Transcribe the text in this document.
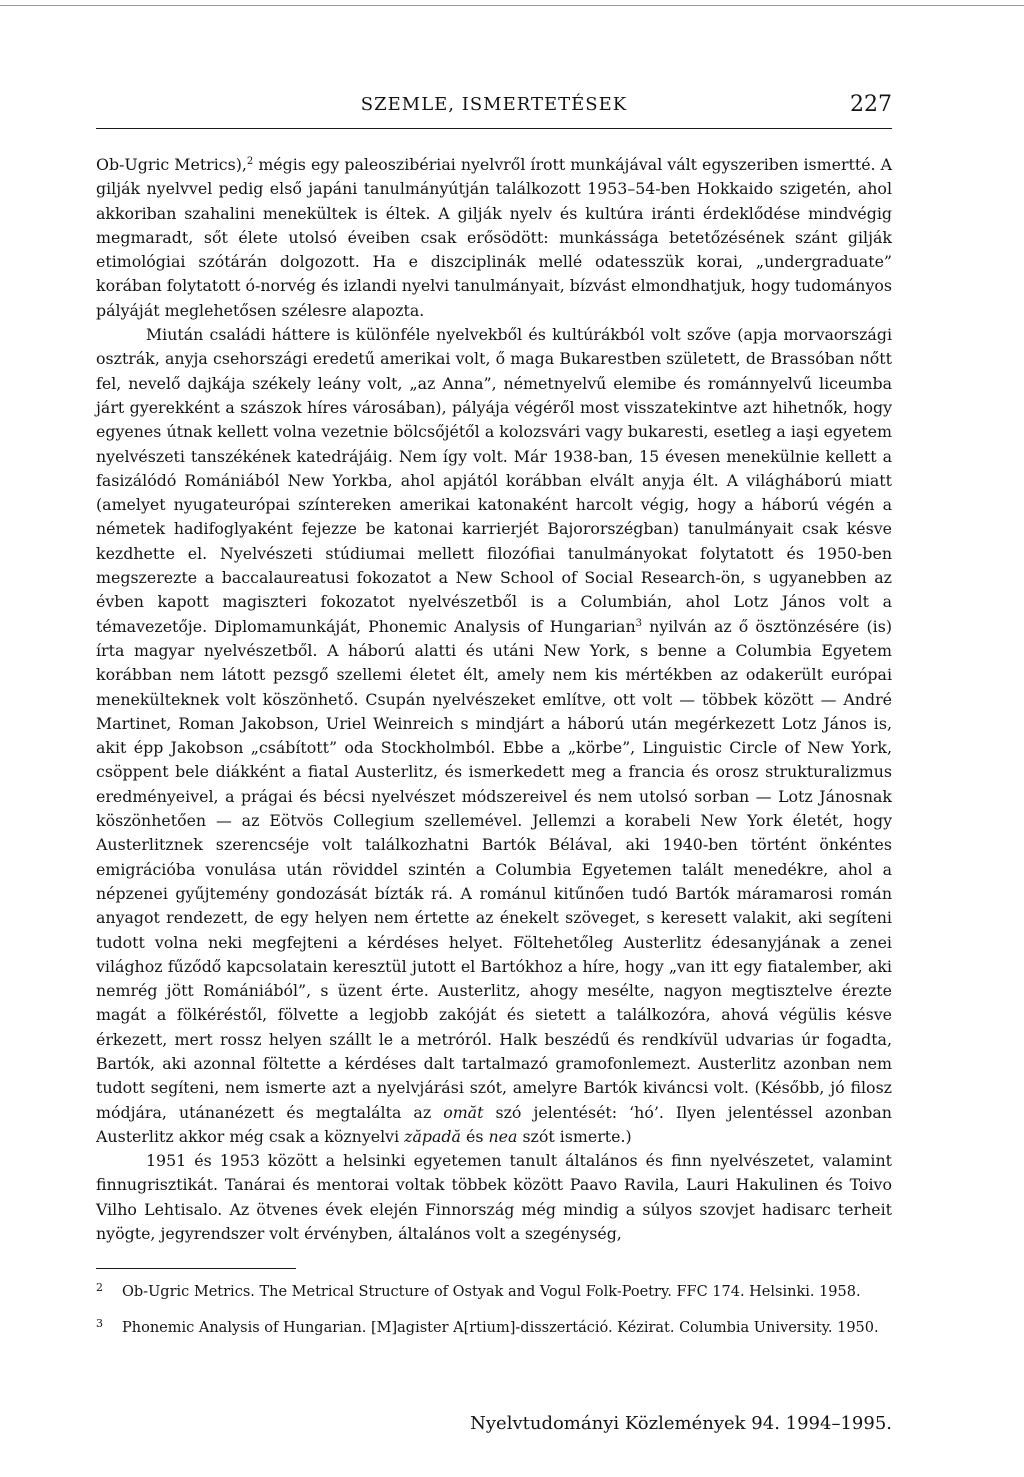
SZEMLE, ISMERTETÉSEK	227

Ob-Ugric Metrics),$^2$ mégis egy paleoszibériai nyelvről írott munkájával vált egyszeriben ismertté. A gilják nyelvvel pedig első japáni tanulmányútján találkozott 1953–54-ben Hokkaido szigetén, ahol akkoriban szahalini menekültek is éltek. A gilják nyelv és kultúra iránti érdeklődése mindvégig megmaradt, sőt élete utolsó éveiben csak erősödött: munkássága betetőzésének szánt gilják etimológiai szótárán dolgozott. Ha e diszciplinák mellé odatesszük korai, „undergraduate” korában folytatott ó-norvég és izlandi nyelvi tanulmányait, bízvást elmondhatjuk, hogy tudományos pályáját meglehetősen szélesre alapozta.

Miután családi háttere is különféle nyelvekből és kultúrákból volt szőve (apja morvaországi osztrák, anyja csehországi eredetű amerikai volt, ő maga Bukarestben született, de Brassóban nőtt fel, nevelő dajkája székely leány volt, „az Anna”, németnyelvű elemibe és románnyelvű liceumba járt gyerekként a szászok híres városában), pályája végéről most visszatekintve azt hihetnők, hogy egyenes útnak kellett volna vezetnie bölcsőjétől a kolozsvári vagy bukaresti, esetleg a iaşi egyetem nyelvészeti tanszékének katedrájáig. Nem így volt. Már 1938-ban, 15 évesen menekülnie kellett a fasizálódó Romániából New Yorkba, ahol apjától korábban elvált anyja élt. A világháború miatt (amelyet nyugateurópai színtereken amerikai katonaként harcolt végig, hogy a háború végén a németek hadifoglyaként fejezze be katonai karrierjét Bajororszégban) tanulmányait csak késve kezdhette el. Nyelvészeti stúdiumai mellett filozófiai tanulmányokat folytatott és 1950-ben megszerezte a baccalaureatusi fokozatot a New School of Social Research-ön, s ugyanebben az évben kapott magiszteri fokozatot nyelvészetből is a Columbián, ahol Lotz János volt a témavezetője. Diplomamunkáját, Phonemic Analysis of Hungarian$^3$ nyilván az ő ösztönzésére (is) írta magyar nyelvészetből. A háború alatti és utáni New York, s benne a Columbia Egyetem korábban nem látott pezsgő szellemi életet élt, amely nem kis mértékben az odakerült európai menekülteknek volt köszönhető. Csupán nyelvészeket említve, ott volt — többek között — André Martinet, Roman Jakobson, Uriel Weinreich s mindjárt a háború után megérkezett Lotz János is, akit épp Jakobson „csábított” oda Stockholmból. Ebbe a „körbe”, Linguistic Circle of New York, csöppent bele diákként a fiatal Austerlitz, és ismerkedett meg a francia és orosz strukturalizmus eredményeivel, a prágai és bécsi nyelvészet módszereivel és nem utolsó sorban — Lotz Jánosnak köszönhetően — az Eötvös Collegium szellemével. Jellemzi a korabeli New York életét, hogy Austerlitznek szerencséje volt találkozhatni Bartók Bélával, aki 1940-ben történt önkéntes emigrációba vonulása után röviddel szintén a Columbia Egyetemen talált menedékre, ahol a népzenei gyűjtemény gondozását bízták rá. A románul kitűnően tudó Bartók máramarosi román anyagot rendezett, de egy helyen nem értette az énekelt szöveget, s keresett valakit, aki segíteni tudott volna neki megfejteni a kérdéses helyet. Föltehetőleg Austerlitz édesanyjának a zenei világhoz fűződő kapcsolatain keresztül jutott el Bartókhoz a híre, hogy „van itt egy fiatalember, aki nemrég jött Romániából”, s üzent érte. Austerlitz, ahogy mesélte, nagyon megtisztelve érezte magát a fölkéréstől, fölvette a legjobb zakóját és sietett a találkozóra, ahová végülis késve érkezett, mert rossz helyen szállt le a metróról. Halk beszédű és rendkívül udvarias úr fogadta, Bartók, aki azonnal föltette a kérdéses dalt tartalmazó gramofonlemezt. Austerlitz azonban nem tudott segíteni, nem ismerte azt a nyelvjárási szót, amelyre Bartók kiváncsi volt. (Később, jó filosz módjára, utánanézett és megtalálta az omăt szó jelentését: ‘hó’. Ilyen jelentéssel azonban Austerlitz akkor még csak a köznyelvi zăpadă és nea szót ismerte.)

1951 és 1953 között a helsinki egyetemen tanult általános és finn nyelvészetet, valamint finnugrisztikát. Tanárai és mentorai voltak többek között Paavo Ravila, Lauri Hakulinen és Toivo Vilho Lehtisalo. Az ötvenes évek elején Finnország még mindig a súlyos szovjet hadisarc terheit nyögte, jegyrendszer volt érvényben, általános volt a szegénység,

2 Ob-Ugric Metrics. The Metrical Structure of Ostyak and Vogul Folk-Poetry. FFC 174. Helsinki. 1958.
3 Phonemic Analysis of Hungarian. [M]agister A[rtium]-disszertáció. Kézirat. Columbia University. 1950.
Nyelvtudományi Közlemények 94. 1994–1995.
